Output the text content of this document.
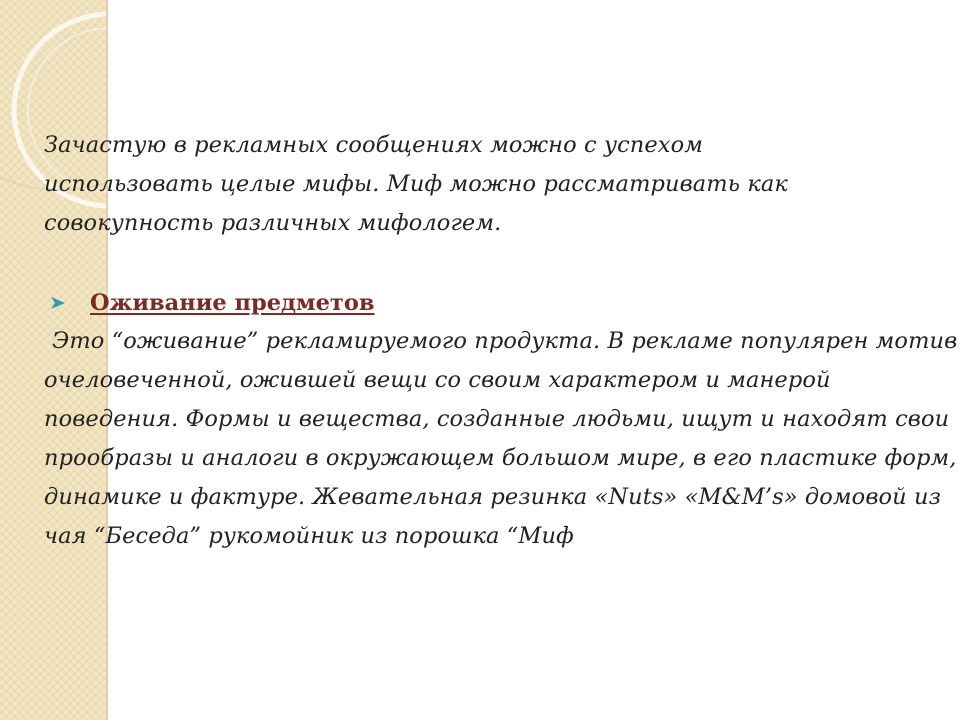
Зачастую в рекламных сообщениях можно с успехом использовать целые мифы. Миф можно рассматривать как совокупность различных мифологем.

Оживание предметов

Это “оживание” рекламируемого продукта. В рекламе популярен мотив очеловеченной, ожившей вещи со своим характером и манерой поведения. Формы и вещества, созданные людьми, ищут и находят свои прообразы и аналоги в окружающем большом мире, в его пластике форм, динамике и фактуре. Жевательная резинка «Nuts» «M&M’s» домовой из чая “Беседа” рукомойник из порошка “Миф
